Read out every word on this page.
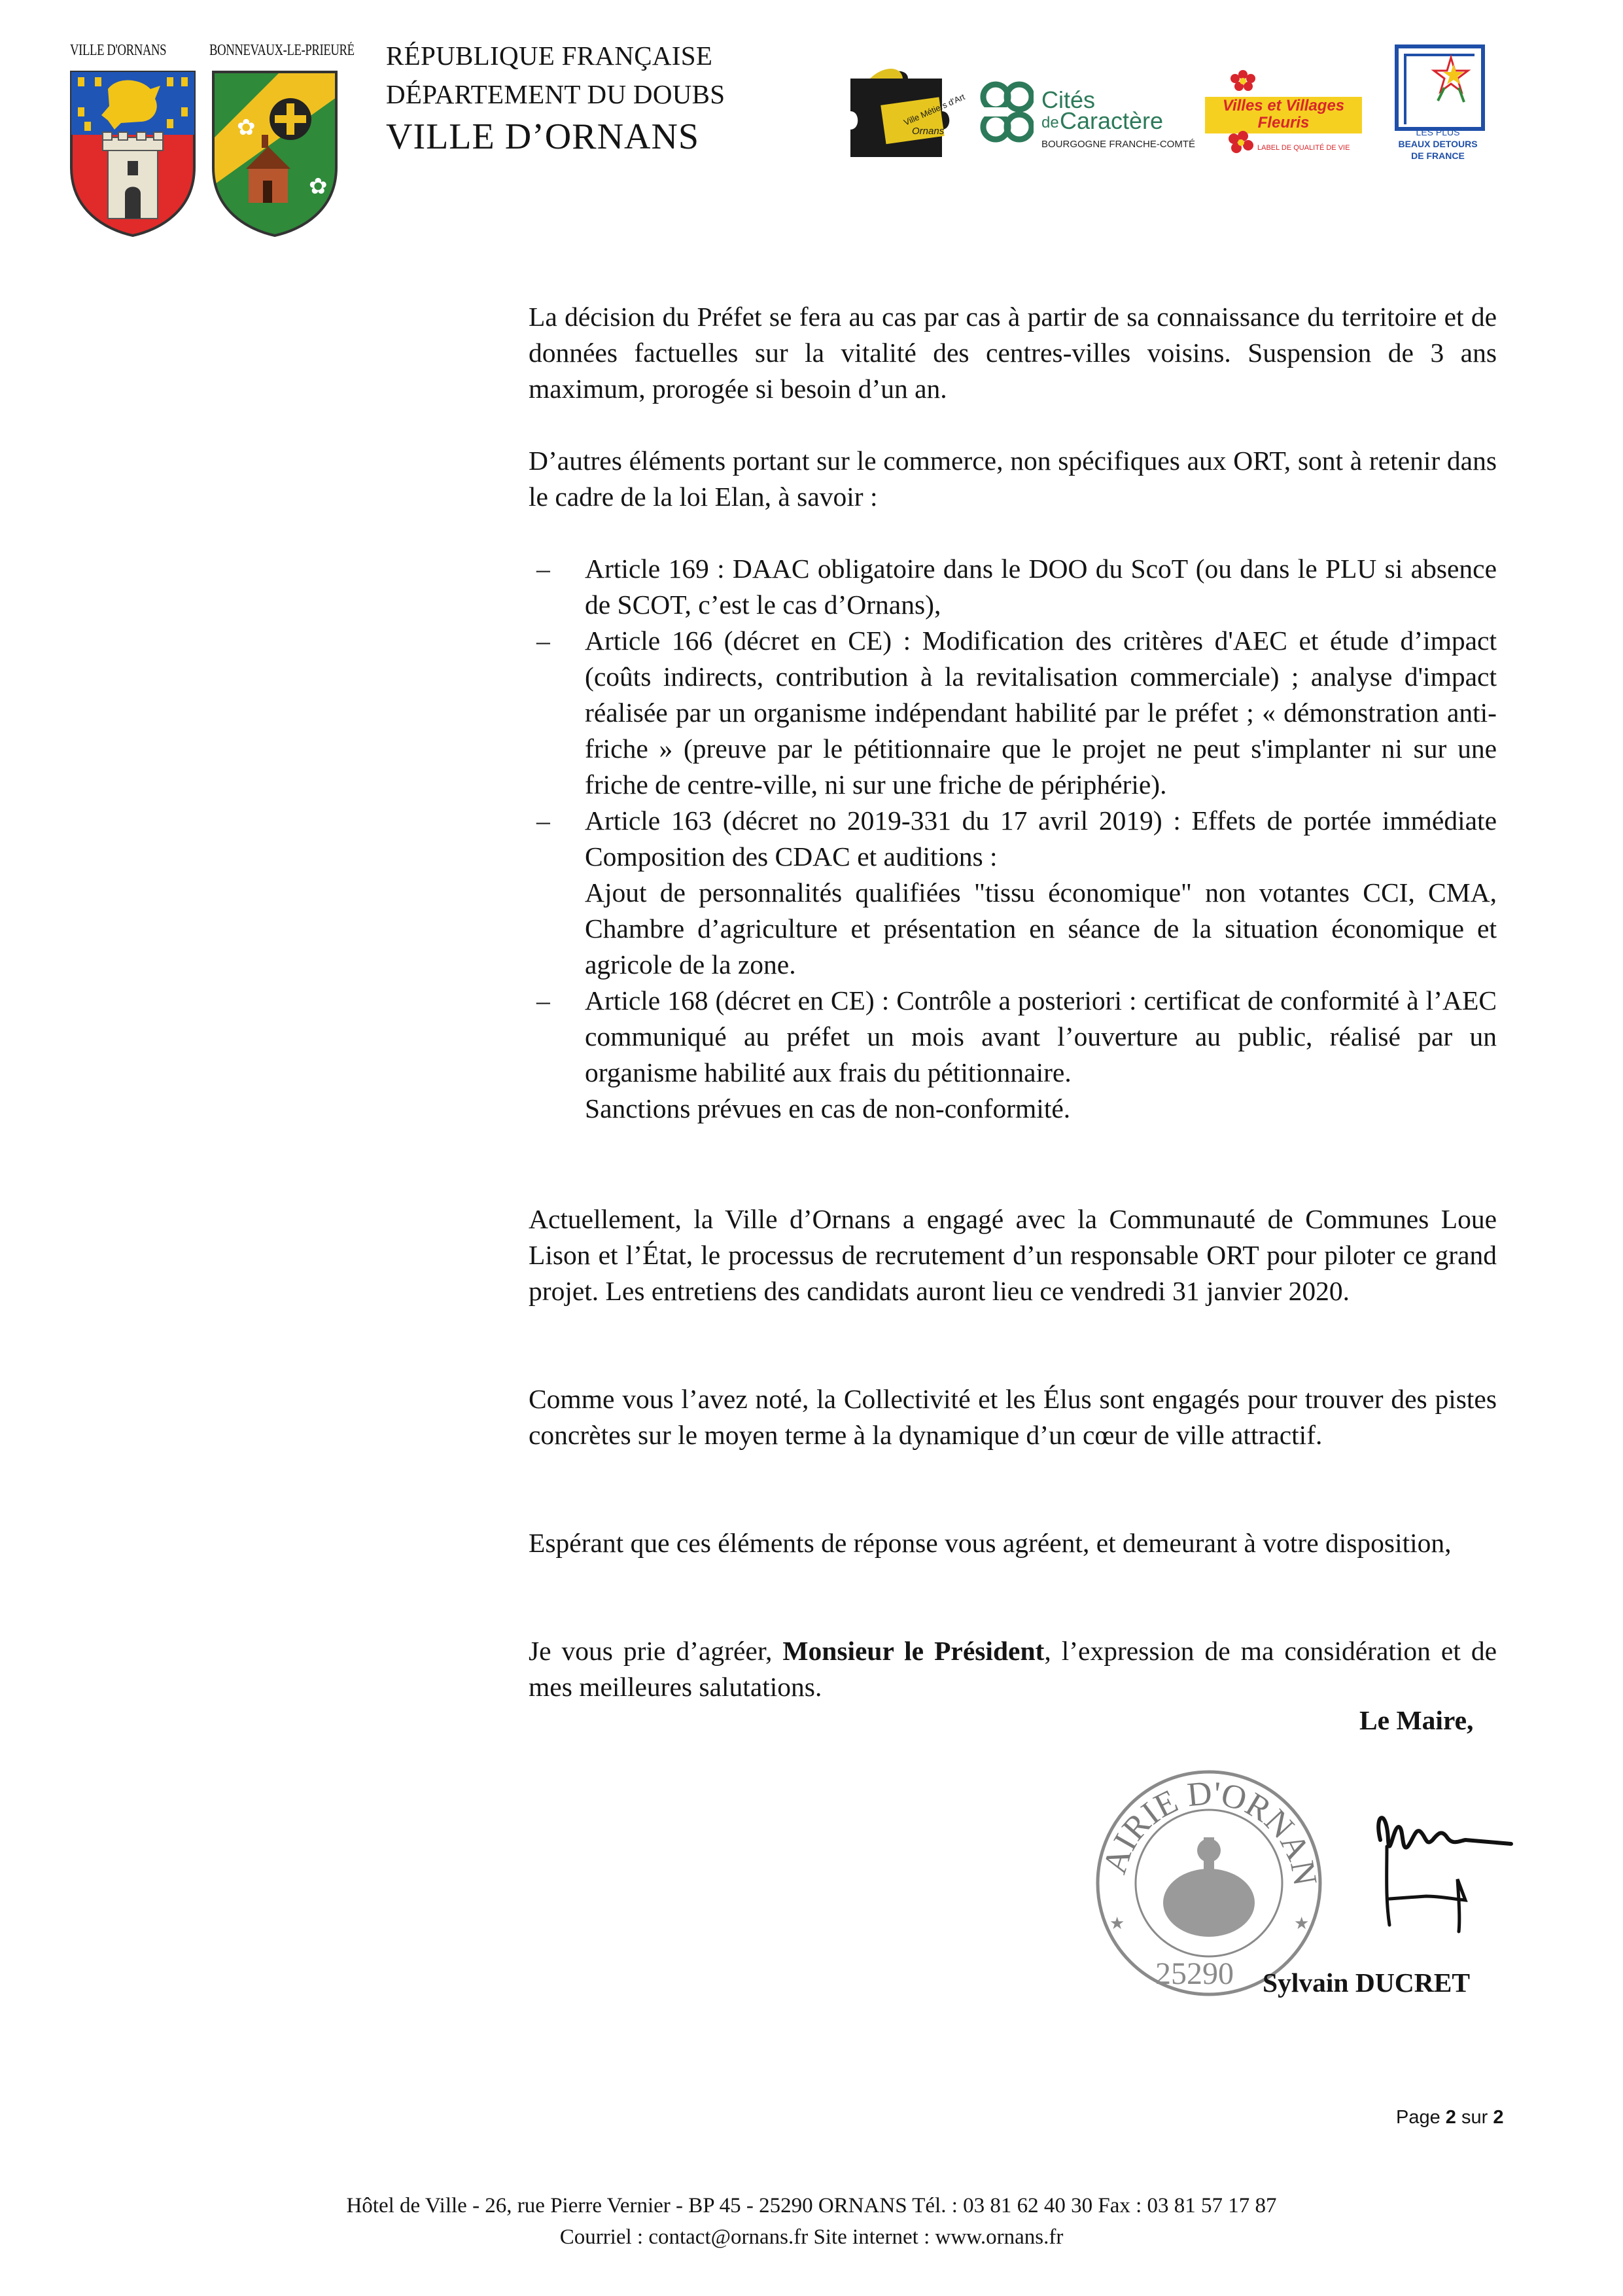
VILLE D'ORNANS	BONNEVAUX-LE-PRIEURÉ
✿
✿
RÉPUBLIQUE FRANÇAISE
DÉPARTEMENT DU DOUBS
VILLE D’ORNANS
Ville Métiers d'Art
Ornans
Cités
de Caractère
BOURGOGNE FRANCHE-COMTÉ
Villes et Villages
Fleuris
LABEL DE QUALITÉ DE VIE
LES PLUS
BEAUX DETOURS
DE FRANCE
La décision du Préfet se fera au cas par cas à partir de sa connaissance du territoire et de données factuelles sur la vitalité des centres-villes voisins. Suspension de 3 ans maximum, prorogée si besoin d’un an.
D’autres éléments portant sur le commerce, non spécifiques aux ORT, sont à retenir dans le cadre de la loi Elan, à savoir :
– Article 169 : DAAC obligatoire dans le DOO du ScoT (ou dans le PLU si absence de SCOT, c’est le cas d’Ornans),

– Article 166 (décret en CE) : Modification des critères d'AEC et étude d’impact (coûts indirects, contribution à la revitalisation commerciale) ; analyse d'impact réalisée par un organisme indépendant habilité par le préfet ; « démonstration anti-friche » (preuve par le pétitionnaire que le projet ne peut s'implanter ni sur une friche de centre-ville, ni sur une friche de périphérie).

– Article 163 (décret no 2019-331 du 17 avril 2019) : Effets de portée immédiate Composition des CDAC et auditions :

Ajout de personnalités qualifiées "tissu économique" non votantes CCI, CMA, Chambre d’agriculture et présentation en séance de la situation économique et agricole de la zone.

– Article 168 (décret en CE) : Contrôle a posteriori : certificat de conformité à l’AEC communiqué au préfet un mois avant l’ouverture au public, réalisé par un organisme habilité aux frais du pétitionnaire.

Sanctions prévues en cas de non-conformité.

Actuellement, la Ville d’Ornans a engagé avec la Communauté de Communes Loue Lison et l’État, le processus de recrutement d’un responsable ORT pour piloter ce grand projet. Les entretiens des candidats auront lieu ce vendredi 31 janvier 2020.
Comme vous l’avez noté, la Collectivité et les Élus sont engagés pour trouver des pistes concrètes sur le moyen terme à la dynamique d’un cœur de ville attractif.
Espérant que ces éléments de réponse vous agréent, et demeurant à votre disposition,
Je vous prie d’agréer, Monsieur le Président, l’expression de ma considération et de mes meilleures salutations.
Le Maire,
AIRIE D'ORNAN
★	★
25290 Sylvain DUCRET
Page 2 sur 2
Hôtel de Ville - 26, rue Pierre Vernier - BP 45 - 25290 ORNANS Tél. : 03 81 62 40 30 Fax : 03 81 57 17 87
Courriel : contact@ornans.fr Site internet : www.ornans.fr
